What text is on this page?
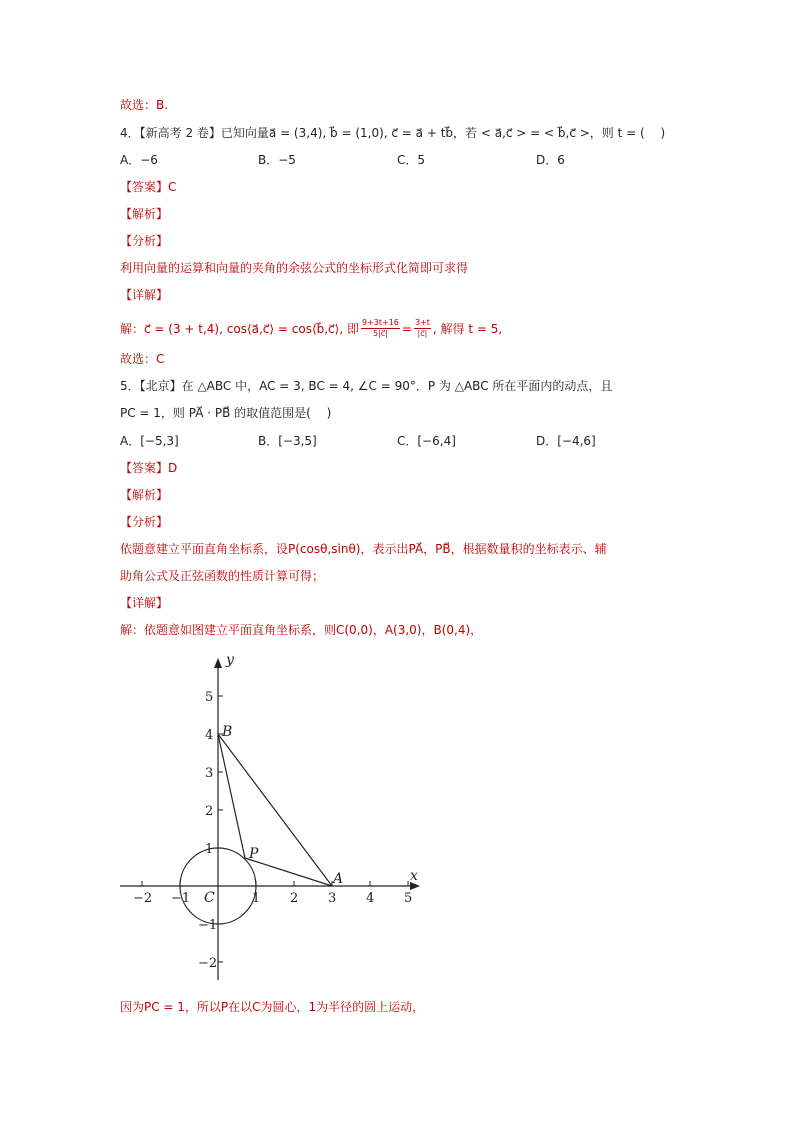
故选：B.
4．【新高考 2 卷】已知向量a⃗ = (3,4), b⃗ = (1,0), c⃗ = a⃗ + tb⃗，若 < a⃗,c⃗ > = < b⃗,c⃗ >，则 t = (　 )
A．−6	B．−5	C．5	D．6
【答案】C
【解析】
【分析】
利用向量的运算和向量的夹角的余弦公式的坐标形式化简即可求得
【详解】
解：c⃗ = (3 + t,4), cos⟨a⃗,c⃗⟩ = cos⟨b⃗,c⃗⟩, 即 $\frac{9+3t+16}{5|c⃗|} = \frac{3+t}{|c⃗|}$ , 解得 t = 5,
故选：C
5．【北京】在 △ABC 中，AC = 3, BC = 4, ∠C = 90°．P 为 △ABC 所在平面内的动点，且
PC = 1，则 PA⃗ · PB⃗ 的取值范围是(　 )
A．[−5,3]	B．[−3,5]	C．[−6,4]	D．[−4,6]
【答案】D
【解析】
【分析】
依题意建立平面直角坐标系，设P(cosθ,sinθ)，表示出PA⃗，PB⃗，根据数量积的坐标表示、辅
助角公式及正弦函数的性质计算可得；
【详解】
解：依题意如图建立平面直角坐标系，则C(0,0)，A(3,0)，B(0,4)，
−2 −1	1 2 3 4 5
5
4
3
2
1
−1
−2
x
y
C
A
B
P
因为PC = 1，所以P在以C为圆心，1为半径的圆上运动，
